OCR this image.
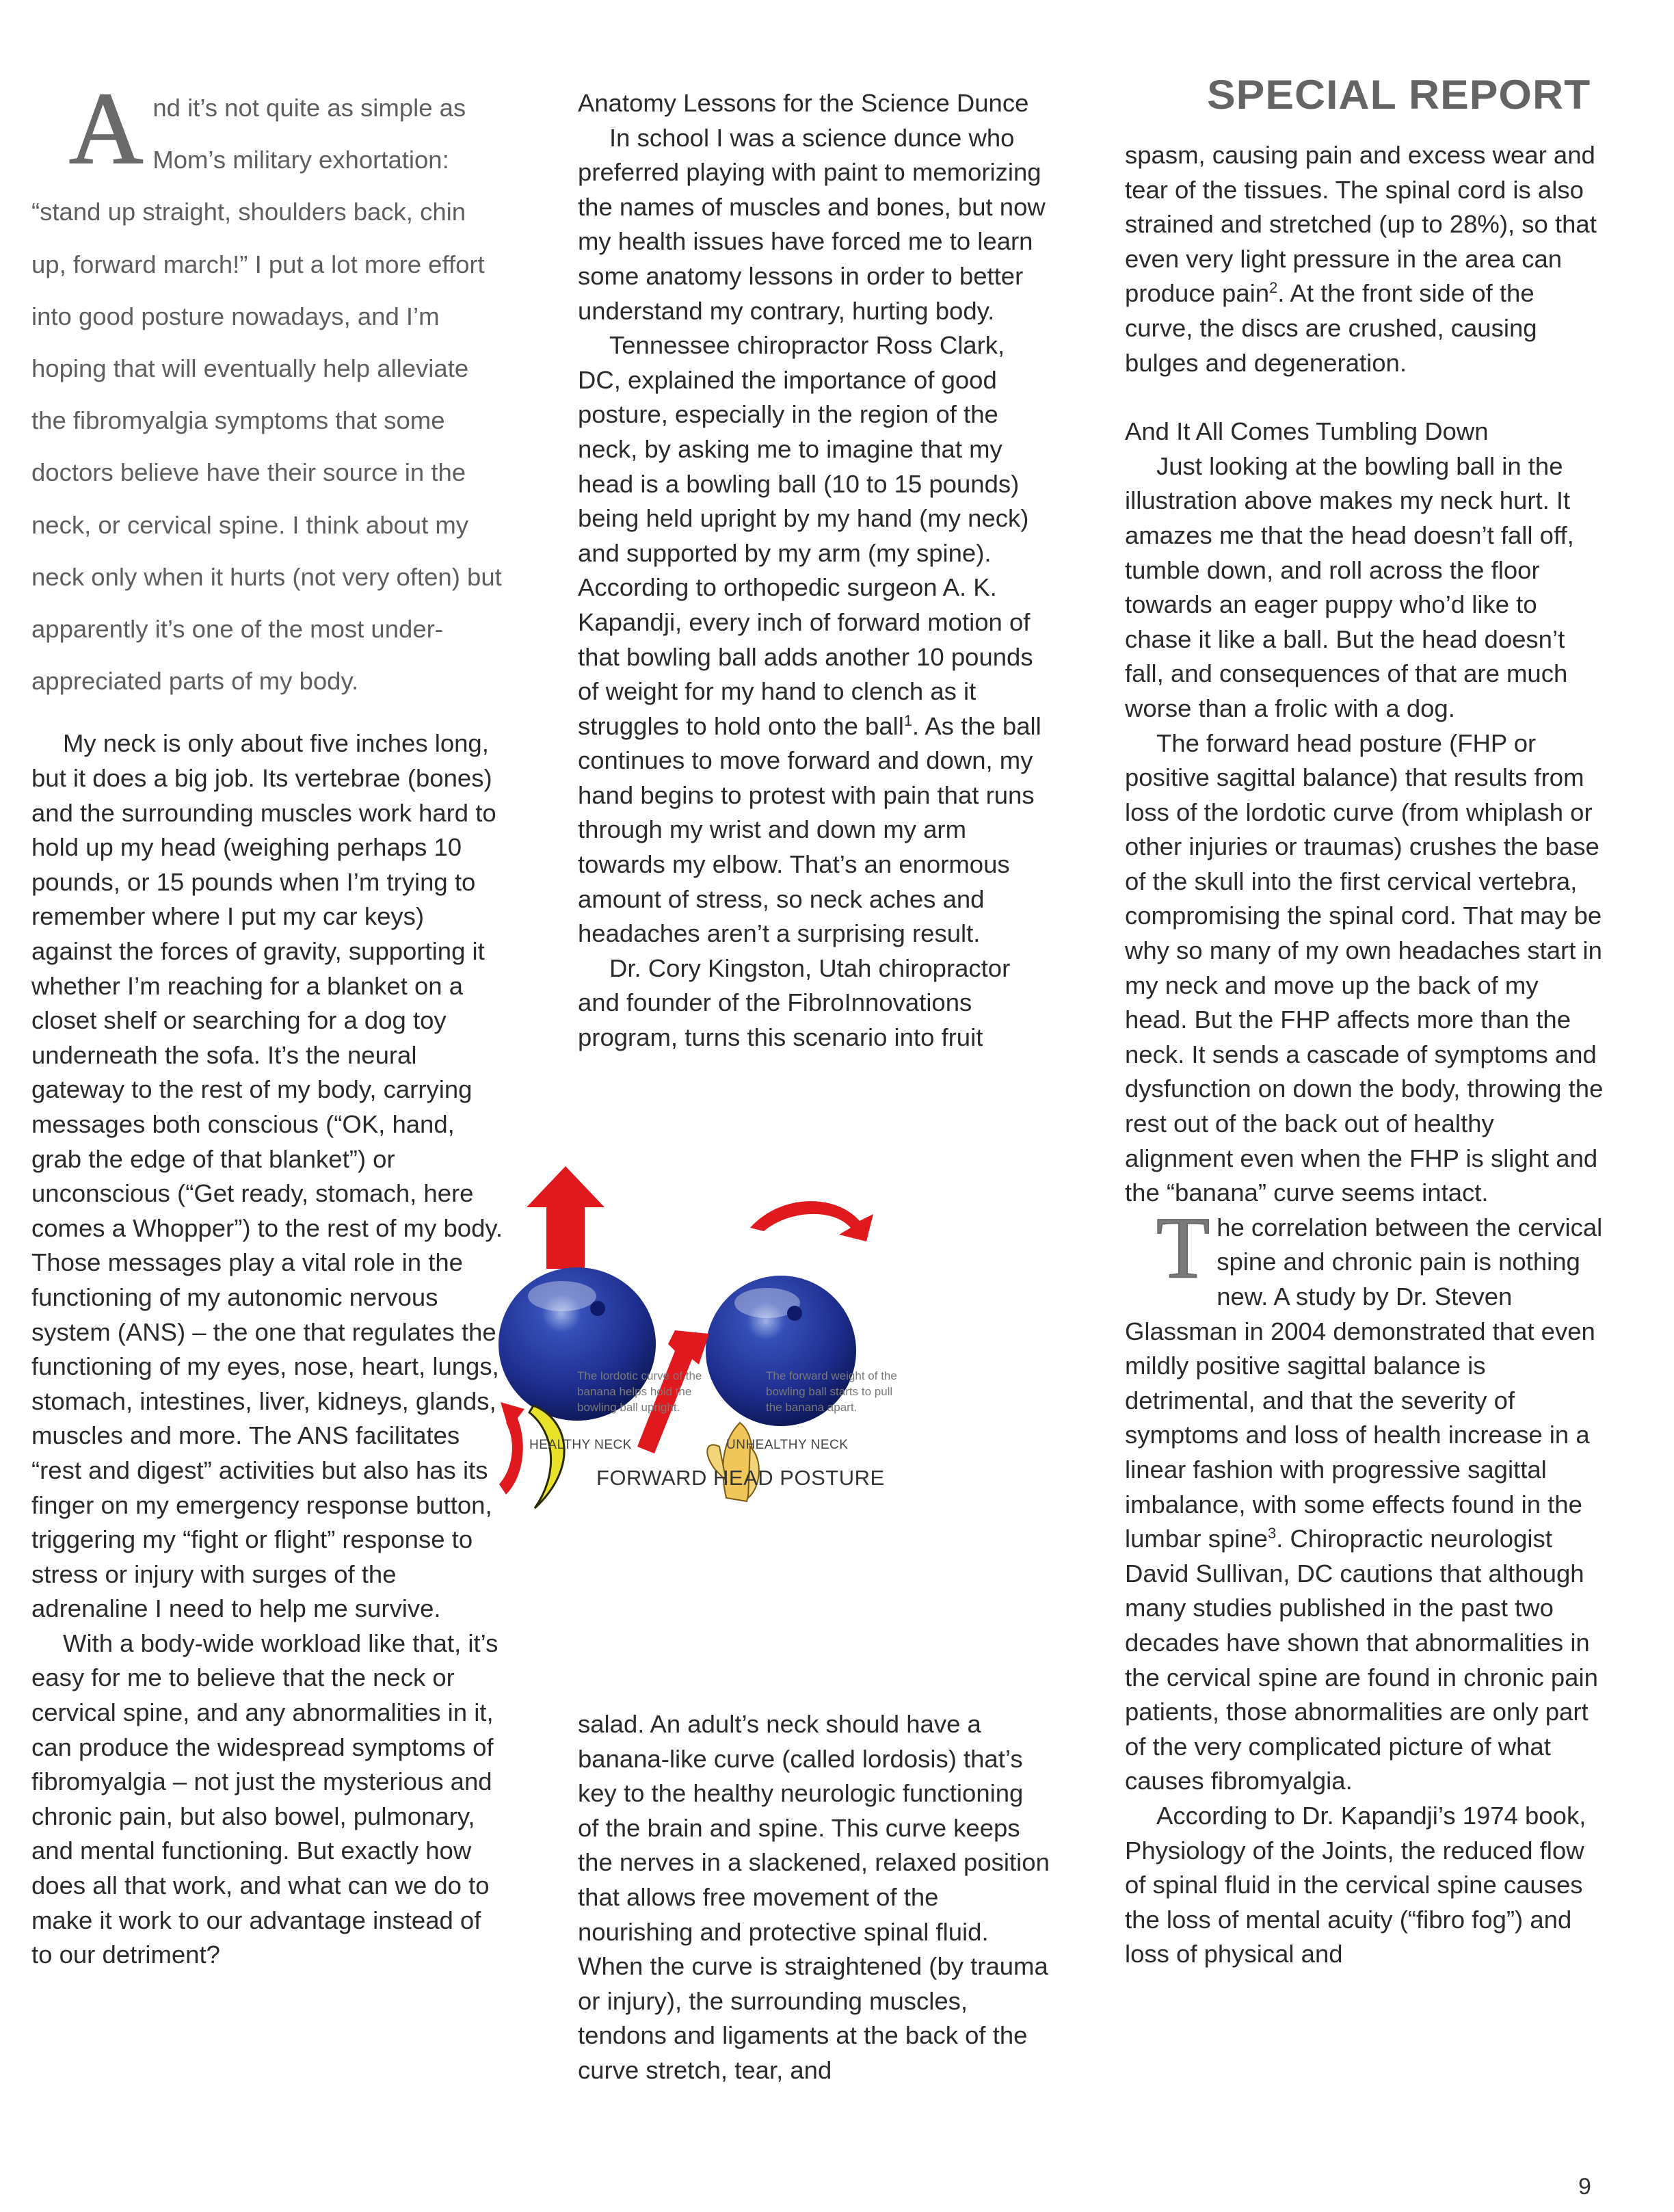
SPECIAL REPORT

And it’s not quite as simple as Mom’s military exhortation: “stand up straight, shoulders back, chin up, forward march!” I put a lot more effort into good posture nowadays, and I’m hoping that will eventually help alleviate the fibromyalgia symptoms that some doctors believe have their source in the neck, or cervical spine. I think about my neck only when it hurts (not very often) but apparently it’s one of the most under-appreciated parts of my body.

My neck is only about five inches long, but it does a big job. Its vertebrae (bones) and the surrounding muscles work hard to hold up my head (weighing perhaps 10 pounds, or 15 pounds when I’m trying to remember where I put my car keys) against the forces of gravity, supporting it whether I’m reaching for a blanket on a closet shelf or searching for a dog toy underneath the sofa. It’s the neural gateway to the rest of my body, carrying messages both conscious (“OK, hand, grab the edge of that blanket”) or unconscious (“Get ready, stomach, here comes a Whopper”) to the rest of my body. Those messages play a vital role in the functioning of my autonomic nervous system (ANS) – the one that regulates the functioning of my eyes, nose, heart, lungs, stomach, intestines, liver, kidneys, glands, muscles and more. The ANS facilitates “rest and digest” activities but also has its finger on my emergency response button, triggering my “fight or flight” response to stress or injury with surges of the adrenaline I need to help me survive.

With a body-wide workload like that, it’s easy for me to believe that the neck or cervical spine, and any abnormalities in it, can produce the widespread symptoms of fibromyalgia – not just the mysterious and chronic pain, but also bowel, pulmonary, and mental functioning. But exactly how does all that work, and what can we do to make it work to our advantage instead of to our detriment?

Anatomy Lessons for the Science Dunce

In school I was a science dunce who preferred playing with paint to memorizing the names of muscles and bones, but now my health issues have forced me to learn some anatomy lessons in order to better understand my contrary, hurting body.

Tennessee chiropractor Ross Clark, DC, explained the importance of good posture, especially in the region of the neck, by asking me to imagine that my head is a bowling ball (10 to 15 pounds) being held upright by my hand (my neck) and supported by my arm (my spine). According to orthopedic surgeon A. K. Kapandji, every inch of forward motion of that bowling ball adds another 10 pounds of weight for my hand to clench as it struggles to hold onto the ball$^1$. As the ball continues to move forward and down, my hand begins to protest with pain that runs through my wrist and down my arm towards my elbow. That’s an enormous amount of stress, so neck aches and headaches aren’t a surprising result.

Dr. Cory Kingston, Utah chiropractor and founder of the FibroInnovations program, turns this scenario into fruit

salad. An adult’s neck should have a banana-like curve (called lordosis) that’s key to the healthy neurologic functioning of the brain and spine. This curve keeps the nerves in a slackened, relaxed position that allows free movement of the nourishing and protective spinal fluid. When the curve is straightened (by trauma or injury), the surrounding muscles, tendons and ligaments at the back of the curve stretch, tear, and

The lordotic curve of the banana helps hold the bowling ball upright.
The forward weight of the bowling ball starts to pull the banana apart.
HEALTHY NECK	UNHEALTHY NECK
FORWARD HEAD POSTURE

spasm, causing pain and excess wear and tear of the tissues. The spinal cord is also strained and stretched (up to 28%), so that even very light pressure in the area can produce pain$^2$. At the front side of the curve, the discs are crushed, causing bulges and degeneration.

And It All Comes Tumbling Down

Just looking at the bowling ball in the illustration above makes my neck hurt. It amazes me that the head doesn’t fall off, tumble down, and roll across the floor towards an eager puppy who’d like to chase it like a ball. But the head doesn’t fall, and consequences of that are much worse than a frolic with a dog.

The forward head posture (FHP or positive sagittal balance) that results from loss of the lordotic curve (from whiplash or other injuries or traumas) crushes the base of the skull into the first cervical vertebra, compromising the spinal cord. That may be why so many of my own headaches start in my neck and move up the back of my head. But the FHP affects more than the neck. It sends a cascade of symptoms and dysfunction on down the body, throwing the rest out of the back out of healthy alignment even when the FHP is slight and the “banana” curve seems intact.

The correlation between the cervical spine and chronic pain is nothing new. A study by Dr. Steven Glassman in 2004 demonstrated that even mildly positive sagittal balance is detrimental, and that the severity of symptoms and loss of health increase in a linear fashion with progressive sagittal imbalance, with some effects found in the lumbar spine$^3$. Chiropractic neurologist David Sullivan, DC cautions that although many studies published in the past two decades have shown that abnormalities in the cervical spine are found in chronic pain patients, those abnormalities are only part of the very complicated picture of what causes fibromyalgia.

According to Dr. Kapandji’s 1974 book, Physiology of the Joints, the reduced flow of spinal fluid in the cervical spine causes the loss of mental acuity (“fibro fog”) and loss of physical and

9
